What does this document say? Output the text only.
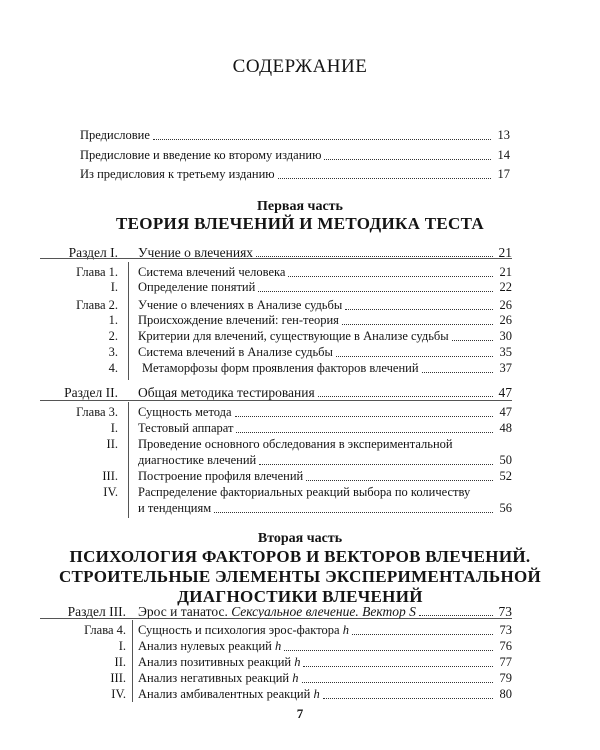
СОДЕРЖАНИЕ
Предисловие	13
Предисловие и введение ко второму изданию	14
Из предисловия к третьему изданию	17
Первая часть
ТЕОРИЯ ВЛЕЧЕНИЙ И МЕТОДИКА ТЕСТА
Раздел I. Учение о влечениях	21
Глава 1. Система влечений человека	21
I. Определение понятий	22
Глава 2. Учение о влечениях в Анализе судьбы	26
1. Происхождение влечений: ген-теория	26
2. Критерии для влечений, существующие в Анализе судьбы	30
3. Система влечений в Анализе судьбы	35
4. Метаморфозы форм проявления факторов влечений	37
Раздел II. Общая методика тестирования	47
Глава 3. Сущность метода	47
I. Тестовый аппарат	48
II. Проведение основного обследования в экспериментальной
диагностике влечений	50
III. Построение профиля влечений	52
IV. Распределение факториальных реакций выбора по количеству
и тенденциям	56
Вторая часть
ПСИХОЛОГИЯ ФАКТОРОВ И ВЕКТОРОВ ВЛЕЧЕНИЙ.
СТРОИТЕЛЬНЫЕ ЭЛЕМЕНТЫ ЭКСПЕРИМЕНТАЛЬНОЙ
ДИАГНОСТИКИ ВЛЕЧЕНИЙ
Раздел III. Эрос и танатос. Сексуальное влечение. Вектор S	73
Глава 4. Сущность и психология эрос-фактора h	73
I. Анализ нулевых реакций h	76
II. Анализ позитивных реакций h	77
III. Анализ негативных реакций h	79
IV. Анализ амбивалентных реакций h	80
7
